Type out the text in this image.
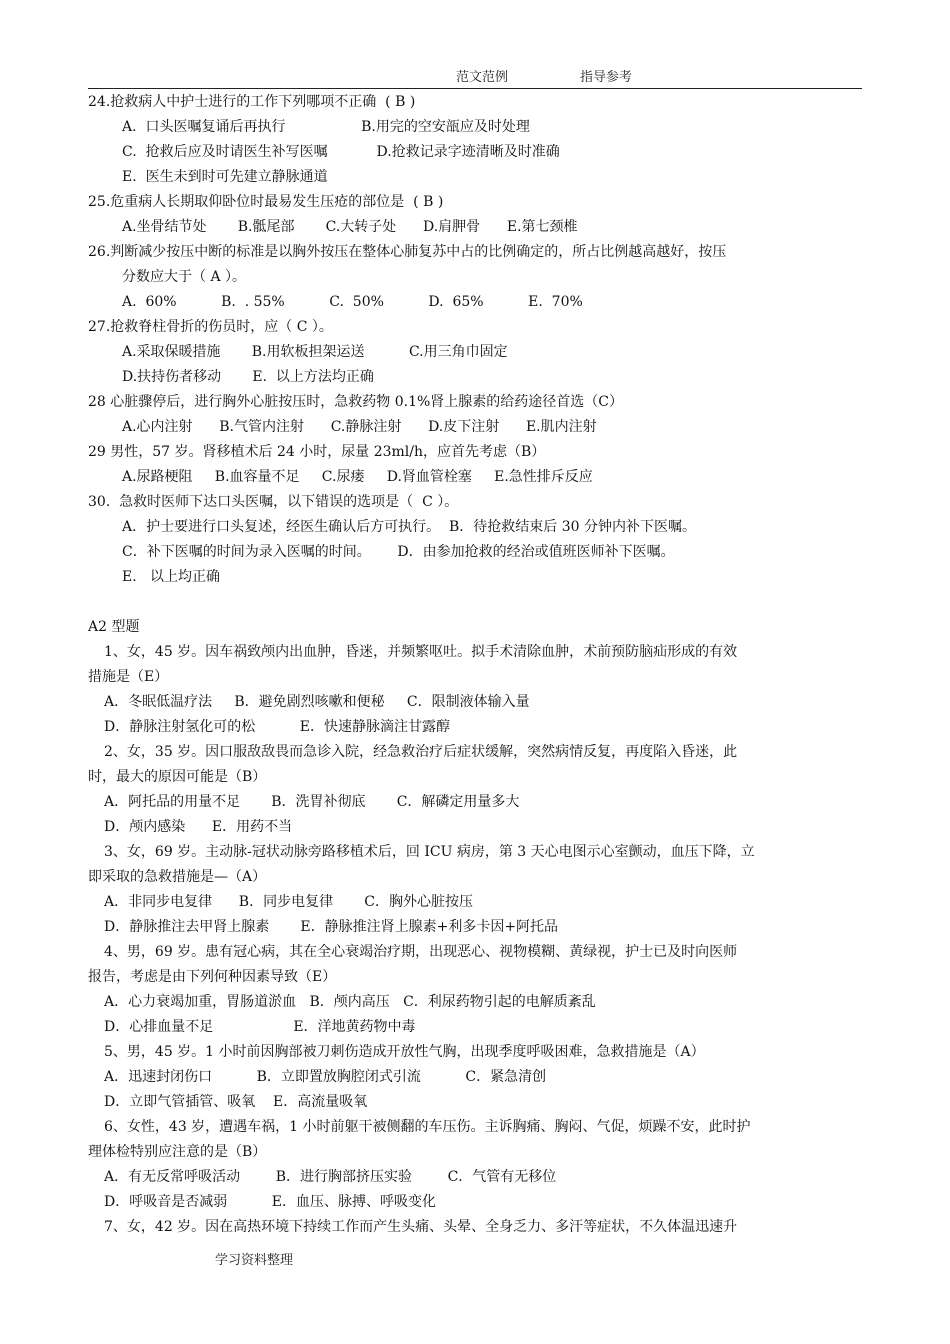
范文范例	指导参考
24.抢救病人中护士进行的工作下列哪项不正确  ( B )
A.  口头医嘱复诵后再执行                 B.用完的空安瓿应及时处理
C.  抢救后应及时请医生补写医嘱           D.抢救记录字迹清晰及时准确
E.  医生未到时可先建立静脉通道
25.危重病人长期取仰卧位时最易发生压疮的部位是  ( B )
A.坐骨结节处       B.骶尾部       C.大转子处      D.肩胛骨      E.第七颈椎
26.判断减少按压中断的标准是以胸外按压在整体心肺复苏中占的比例确定的，所占比例越高越好，按压
分数应大于（ A ）。
A.  60%          B.  . 55%          C.  50%          D.  65%          E.  70%
27.抢救脊柱骨折的伤员时，应（ C ）。
A.采取保暖措施       B.用软板担架运送          C.用三角巾固定
D.扶持伤者移动       E.  以上方法均正确
28 心脏骤停后，进行胸外心脏按压时，急救药物 0.1%肾上腺素的给药途径首选（C）
A.心内注射      B.气管内注射      C.静脉注射      D.皮下注射      E.肌内注射
29 男性，57 岁。肾移植术后 24 小时，尿量 23ml/h，应首先考虑（B）
A.尿路梗阻     B.血容量不足     C.尿瘘     D.肾血管栓塞     E.急性排斥反应
30.  急救时医师下达口头医嘱，以下错误的选项是（  C ）。
A．护士要进行口头复述，经医生确认后方可执行。  B．待抢救结束后 30 分钟内补下医嘱。
C．补下医嘱的时间为录入医嘱的时间。      D．由参加抢救的经治或值班医师补下医嘱。
E.   以上均正确
A2 型题
1、女，45 岁。因车祸致颅内出血肿，昏迷，并频繁呕吐。拟手术清除血肿，术前预防脑疝形成的有效
措施是（E）
A．冬眠低温疗法     B．避免剧烈咳嗽和便秘     C．限制液体输入量
D．静脉注射氢化可的松          E．快速静脉滴注甘露醇
2、女，35 岁。因口服敌敌畏而急诊入院，经急救治疗后症状缓解，突然病情反复，再度陷入昏迷，此
时，最大的原因可能是（B）
A．阿托品的用量不足       B．洗胃补彻底       C．解磷定用量多大
D．颅内感染      E．用药不当
3、女，69 岁。主动脉-冠状动脉旁路移植术后，回 ICU 病房，第 3 天心电图示心室颤动，血压下降，立
即采取的急救措施是—（A）
A．非同步电复律      B．同步电复律       C．胸外心脏按压
D．静脉推注去甲肾上腺素       E．静脉推注肾上腺素+利多卡因+阿托品
4、男，69 岁。患有冠心病，其在全心衰竭治疗期，出现恶心、视物模糊、黄绿视，护士已及时向医师
报告，考虑是由下列何种因素导致（E）
A．心力衰竭加重，胃肠道淤血   B．颅内高压   C．利尿药物引起的电解质紊乱
D．心排血量不足                  E．洋地黄药物中毒
5、男，45 岁。1 小时前因胸部被刀刺伤造成开放性气胸，出现季度呼吸困难，急救措施是（A）
A．迅速封闭伤口          B．立即置放胸腔闭式引流          C．紧急清创
D．立即气管插管、吸氧    E．高流量吸氧
6、女性，43 岁，遭遇车祸，1 小时前躯干被侧翻的车压伤。主诉胸痛、胸闷、气促，烦躁不安，此时护
理体检特别应注意的是（B）
A．有无反常呼吸活动        B．进行胸部挤压实验        C．气管有无移位
D．呼吸音是否减弱          E．血压、脉搏、呼吸变化
7、女，42 岁。因在高热环境下持续工作而产生头痛、头晕、全身乏力、多汗等症状，不久体温迅速升
学习资料整理
